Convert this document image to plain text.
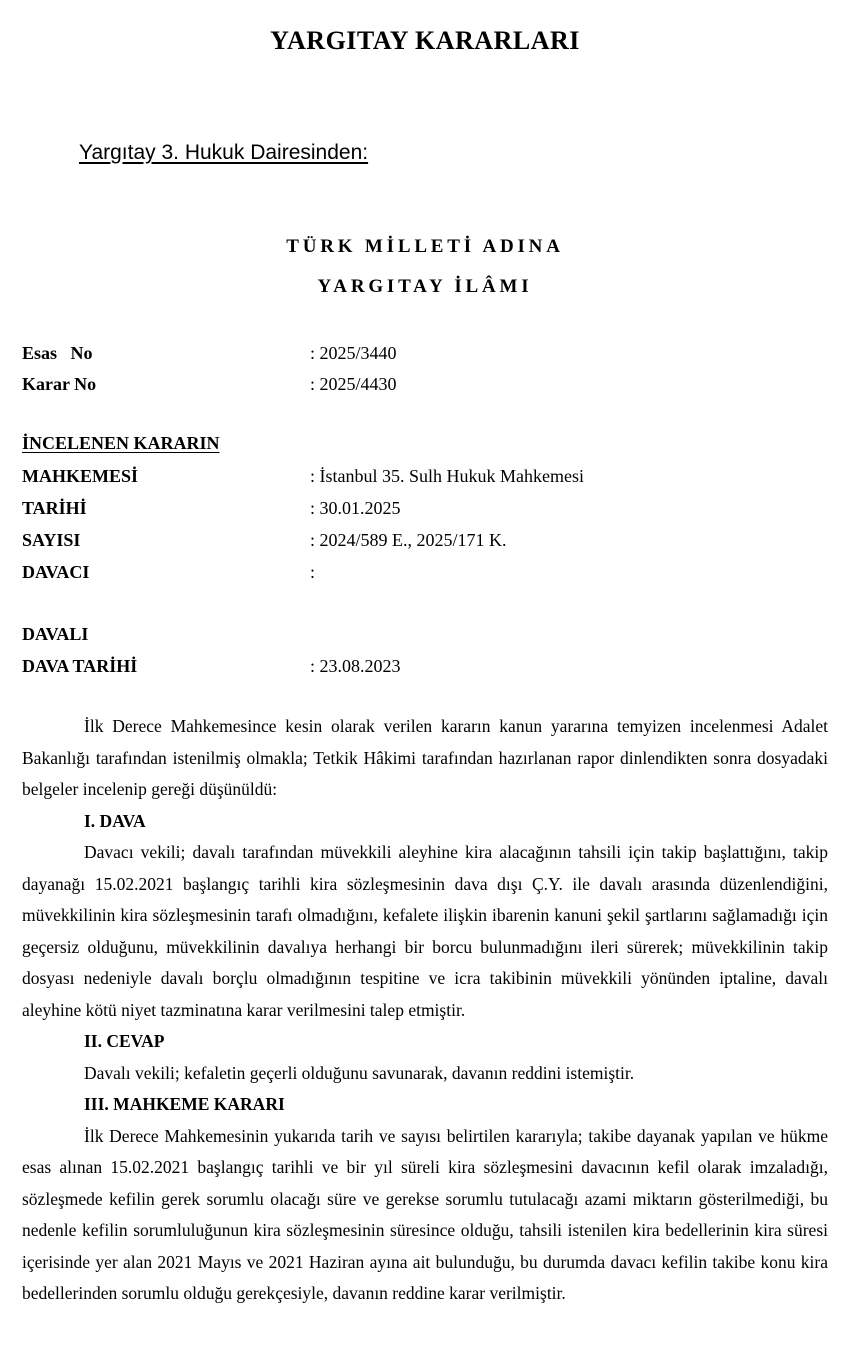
YARGITAY KARARLARI
Yargıtay 3. Hukuk Dairesinden:
TÜRK MİLLETİ ADINA
YARGITAY İLÂMI
Esas   No	: 2025/3440
Karar No	: 2025/4430
İNCELENEN KARARIN
MAHKEMESİ	: İstanbul 35. Sulh Hukuk Mahkemesi
TARİHİ	: 30.01.2025
SAYISI	: 2024/589 E., 2025/171 K.
DAVACI	:
DAVALI
DAVA TARİHİ	: 23.08.2023

İlk Derece Mahkemesince kesin olarak verilen kararın kanun yararına temyizen incelenmesi Adalet Bakanlığı tarafından istenilmiş olmakla; Tetkik Hâkimi tarafından hazırlanan rapor dinlendikten sonra dosyadaki belgeler incelenip gereği düşünüldü:

I. DAVA

Davacı vekili; davalı tarafından müvekkili aleyhine kira alacağının tahsili için takip başlattığını, takip dayanağı 15.02.2021 başlangıç tarihli kira sözleşmesinin dava dışı Ç.Y. ile davalı arasında düzenlendiğini, müvekkilinin kira sözleşmesinin tarafı olmadığını, kefalete ilişkin ibarenin kanuni şekil şartlarını sağlamadığı için geçersiz olduğunu, müvekkilinin davalıya herhangi bir borcu bulunmadığını ileri sürerek; müvekkilinin takip dosyası nedeniyle davalı borçlu olmadığının tespitine ve icra takibinin müvekkili yönünden iptaline, davalı aleyhine kötü niyet tazminatına karar verilmesini talep etmiştir.

II. CEVAP

Davalı vekili; kefaletin geçerli olduğunu savunarak, davanın reddini istemiştir.

III. MAHKEME KARARI

İlk Derece Mahkemesinin yukarıda tarih ve sayısı belirtilen kararıyla; takibe dayanak yapılan ve hükme esas alınan 15.02.2021 başlangıç tarihli ve bir yıl süreli kira sözleşmesini davacının kefil olarak imzaladığı, sözleşmede kefilin gerek sorumlu olacağı süre ve gerekse sorumlu tutulacağı azami miktarın gösterilmediği, bu nedenle kefilin sorumluluğunun kira sözleşmesinin süresince olduğu, tahsili istenilen kira bedellerinin kira süresi içerisinde yer alan 2021 Mayıs ve 2021 Haziran ayına ait bulunduğu, bu durumda davacı kefilin takibe konu kira bedellerinden sorumlu olduğu gerekçesiyle, davanın reddine karar verilmiştir.
